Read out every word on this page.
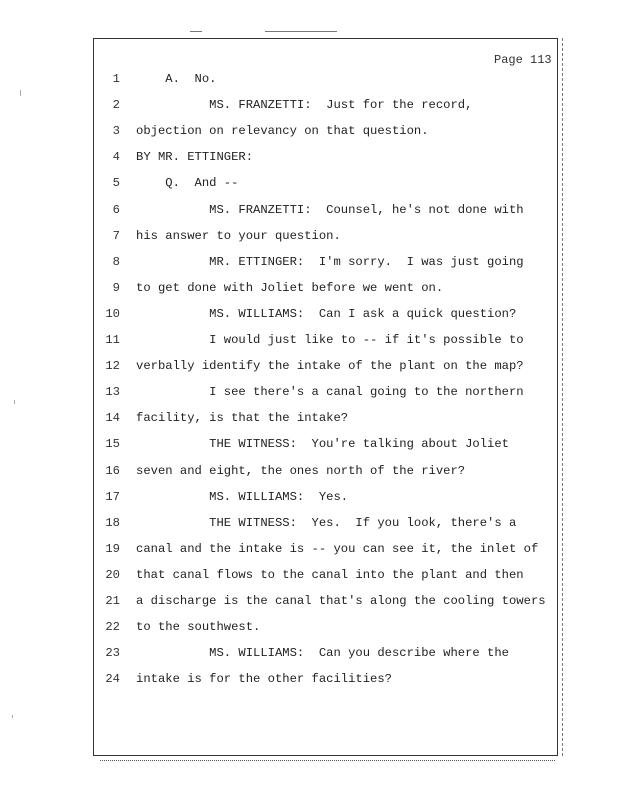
Page 113
1 A.  No.
2 MS. FRANZETTI:  Just for the record,
3 objection on relevancy on that question.
4 BY MR. ETTINGER:
5 Q.  And --
6 MS. FRANZETTI:  Counsel, he's not done with
7 his answer to your question.
8 MR. ETTINGER:  I'm sorry.  I was just going
9 to get done with Joliet before we went on.
10 MS. WILLIAMS:  Can I ask a quick question?
11 I would just like to -- if it's possible to
12 verbally identify the intake of the plant on the map?
13 I see there's a canal going to the northern
14 facility, is that the intake?
15 THE WITNESS:  You're talking about Joliet
16 seven and eight, the ones north of the river?
17 MS. WILLIAMS:  Yes.
18 THE WITNESS:  Yes.  If you look, there's a
19 canal and the intake is -- you can see it, the inlet of
20 that canal flows to the canal into the plant and then
21 a discharge is the canal that's along the cooling towers
22 to the southwest.
23 MS. WILLIAMS:  Can you describe where the
24 intake is for the other facilities?
